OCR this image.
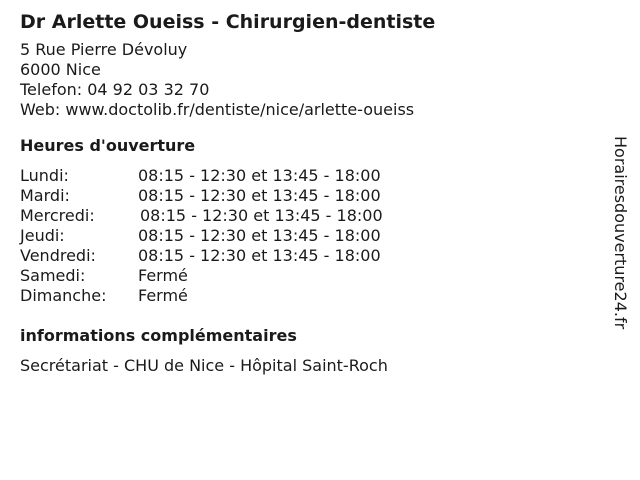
Dr Arlette Oueiss - Chirurgien-dentiste
5 Rue Pierre Dévoluy
6000 Nice
Telefon: 04 92 03 32 70
Web: www.doctolib.fr/dentiste/nice/arlette-oueiss
Heures d'ouverture
Lundi:	08:15 - 12:30 et 13:45 - 18:00
Mardi:	08:15 - 12:30 et 13:45 - 18:00
Mercredi:	08:15 - 12:30 et 13:45 - 18:00
Jeudi:	08:15 - 12:30 et 13:45 - 18:00
Vendredi:	08:15 - 12:30 et 13:45 - 18:00
Samedi:	Fermé
Dimanche:	Fermé
informations complémentaires
Secrétariat - CHU de Nice - Hôpital Saint-Roch
Horairesdouverture24.fr
